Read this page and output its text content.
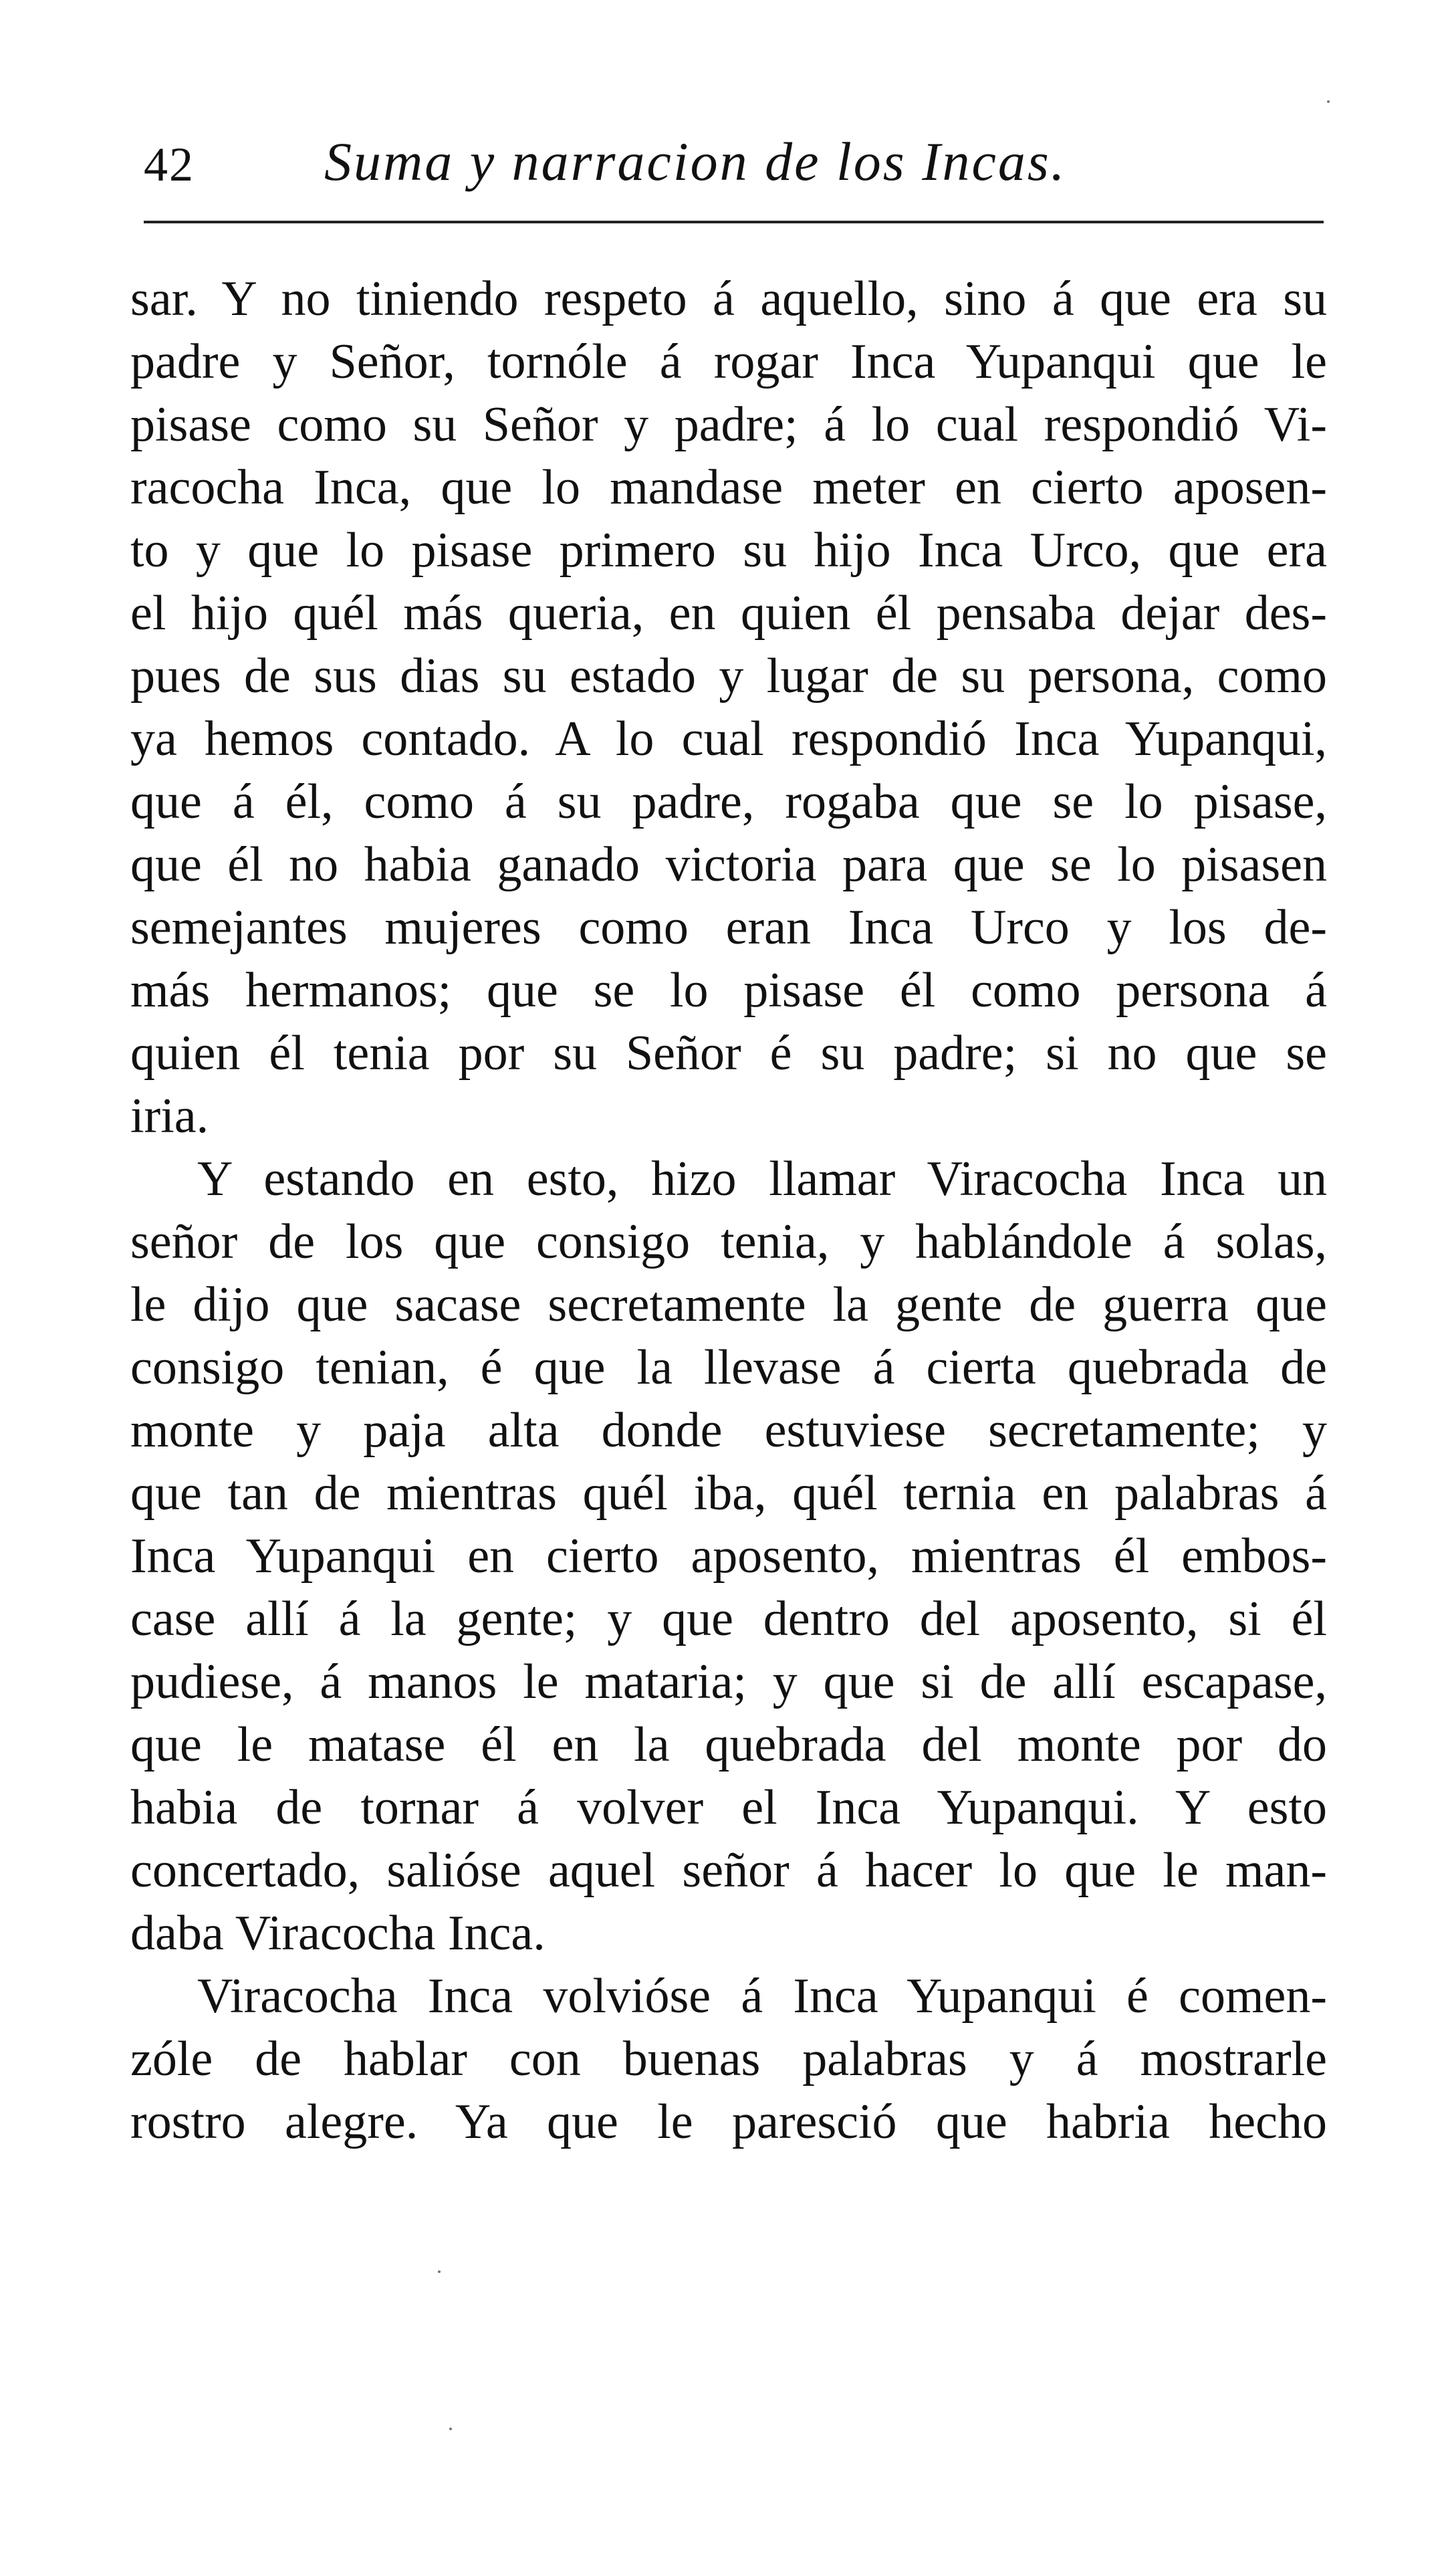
42 Suma y narracion de los Incas.

sar. Y no tiniendo respeto á aquello, sino á que era su
padre y Señor, tornóle á rogar Inca Yupanqui que le
pisase como su Señor y padre; á lo cual respondió Vi-
racocha Inca, que lo mandase meter en cierto aposen-
to y que lo pisase primero su hijo Inca Urco, que era
el hijo quél más queria, en quien él pensaba dejar des-
pues de sus dias su estado y lugar de su persona, como
ya hemos contado. A lo cual respondió Inca Yupanqui,
que á él, como á su padre, rogaba que se lo pisase,
que él no habia ganado victoria para que se lo pisasen
semejantes mujeres como eran Inca Urco y los de-
más hermanos; que se lo pisase él como persona á
quien él tenia por su Señor é su padre; si no que se
iria.

Y estando en esto, hizo llamar Viracocha Inca un
señor de los que consigo tenia, y hablándole á solas,
le dijo que sacase secretamente la gente de guerra que
consigo tenian, é que la llevase á cierta quebrada de
monte y paja alta donde estuviese secretamente; y
que tan de mientras quél iba, quél ternia en palabras á
Inca Yupanqui en cierto aposento, mientras él embos-
case allí á la gente; y que dentro del aposento, si él
pudiese, á manos le mataria; y que si de allí escapase,
que le matase él en la quebrada del monte por do
habia de tornar á volver el Inca Yupanqui. Y esto
concertado, salióse aquel señor á hacer lo que le man-
daba Viracocha Inca.

Viracocha Inca volvióse á Inca Yupanqui é comen-
zóle de hablar con buenas palabras y á mostrarle
rostro alegre. Ya que le paresció que habria hecho
